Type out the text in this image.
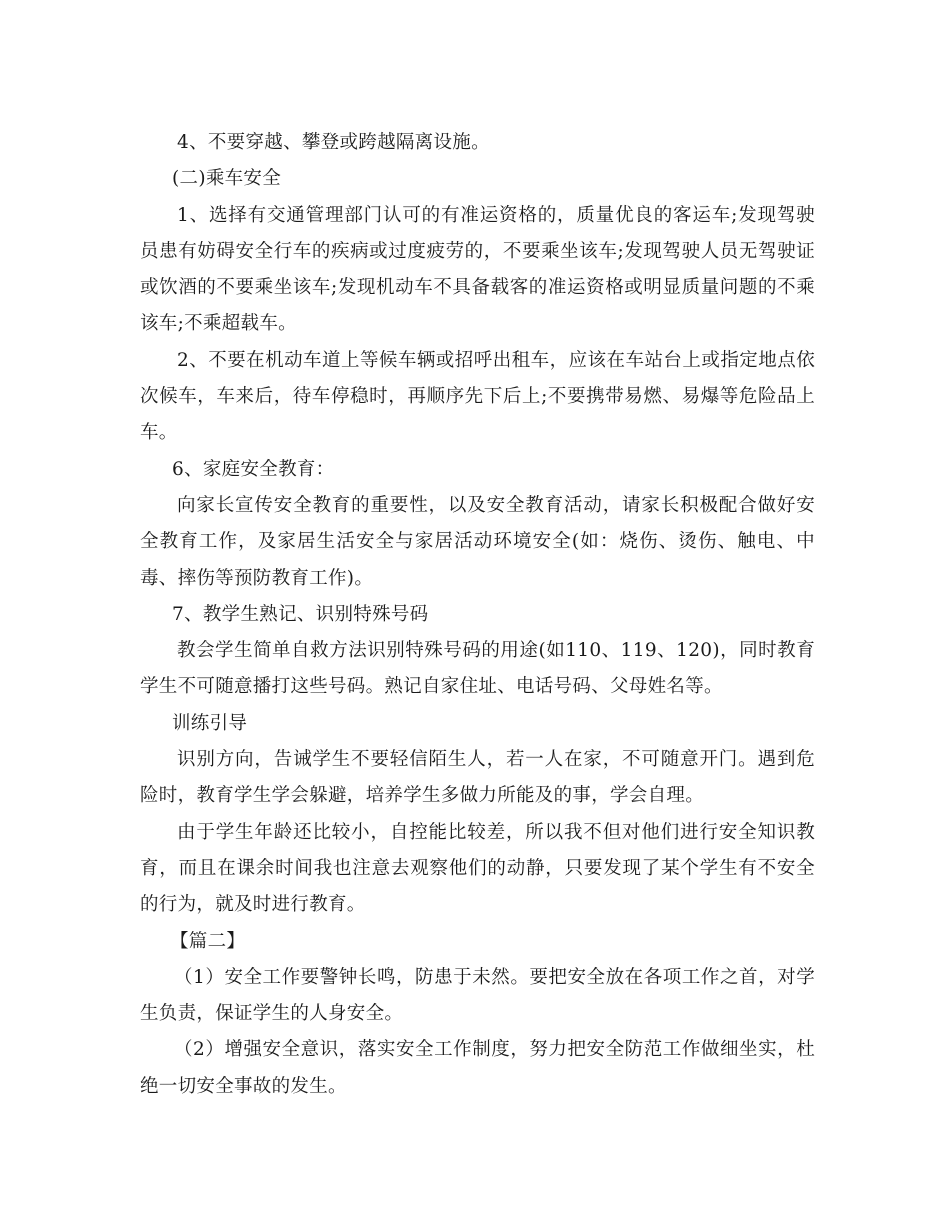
4、不要穿越、攀登或跨越隔离设施。

(二)乘车安全

1、选择有交通管理部门认可的有准运资格的，质量优良的客运车;发现驾驶员患有妨碍安全行车的疾病或过度疲劳的，不要乘坐该车;发现驾驶人员无驾驶证或饮酒的不要乘坐该车;发现机动车不具备载客的准运资格或明显质量问题的不乘该车;不乘超载车。

2、不要在机动车道上等候车辆或招呼出租车，应该在车站台上或指定地点依次候车，车来后，待车停稳时，再顺序先下后上;不要携带易燃、易爆等危险品上车。

6、家庭安全教育：

向家长宣传安全教育的重要性，以及安全教育活动，请家长积极配合做好安全教育工作，及家居生活安全与家居活动环境安全(如：烧伤、烫伤、触电、中毒、摔伤等预防教育工作)。

7、教学生熟记、识别特殊号码

教会学生简单自救方法识别特殊号码的用途(如110、119、120)，同时教育学生不可随意播打这些号码。熟记自家住址、电话号码、父母姓名等。

训练引导

识别方向，告诫学生不要轻信陌生人，若一人在家，不可随意开门。遇到危险时，教育学生学会躲避，培养学生多做力所能及的事，学会自理。

由于学生年龄还比较小，自控能比较差，所以我不但对他们进行安全知识教育，而且在课余时间我也注意去观察他们的动静，只要发现了某个学生有不安全的行为，就及时进行教育。

【篇二】

（1）安全工作要警钟长鸣，防患于未然。要把安全放在各项工作之首，对学生负责，保证学生的人身安全。

（2）增强安全意识，落实安全工作制度，努力把安全防范工作做细坐实，杜绝一切安全事故的发生。
